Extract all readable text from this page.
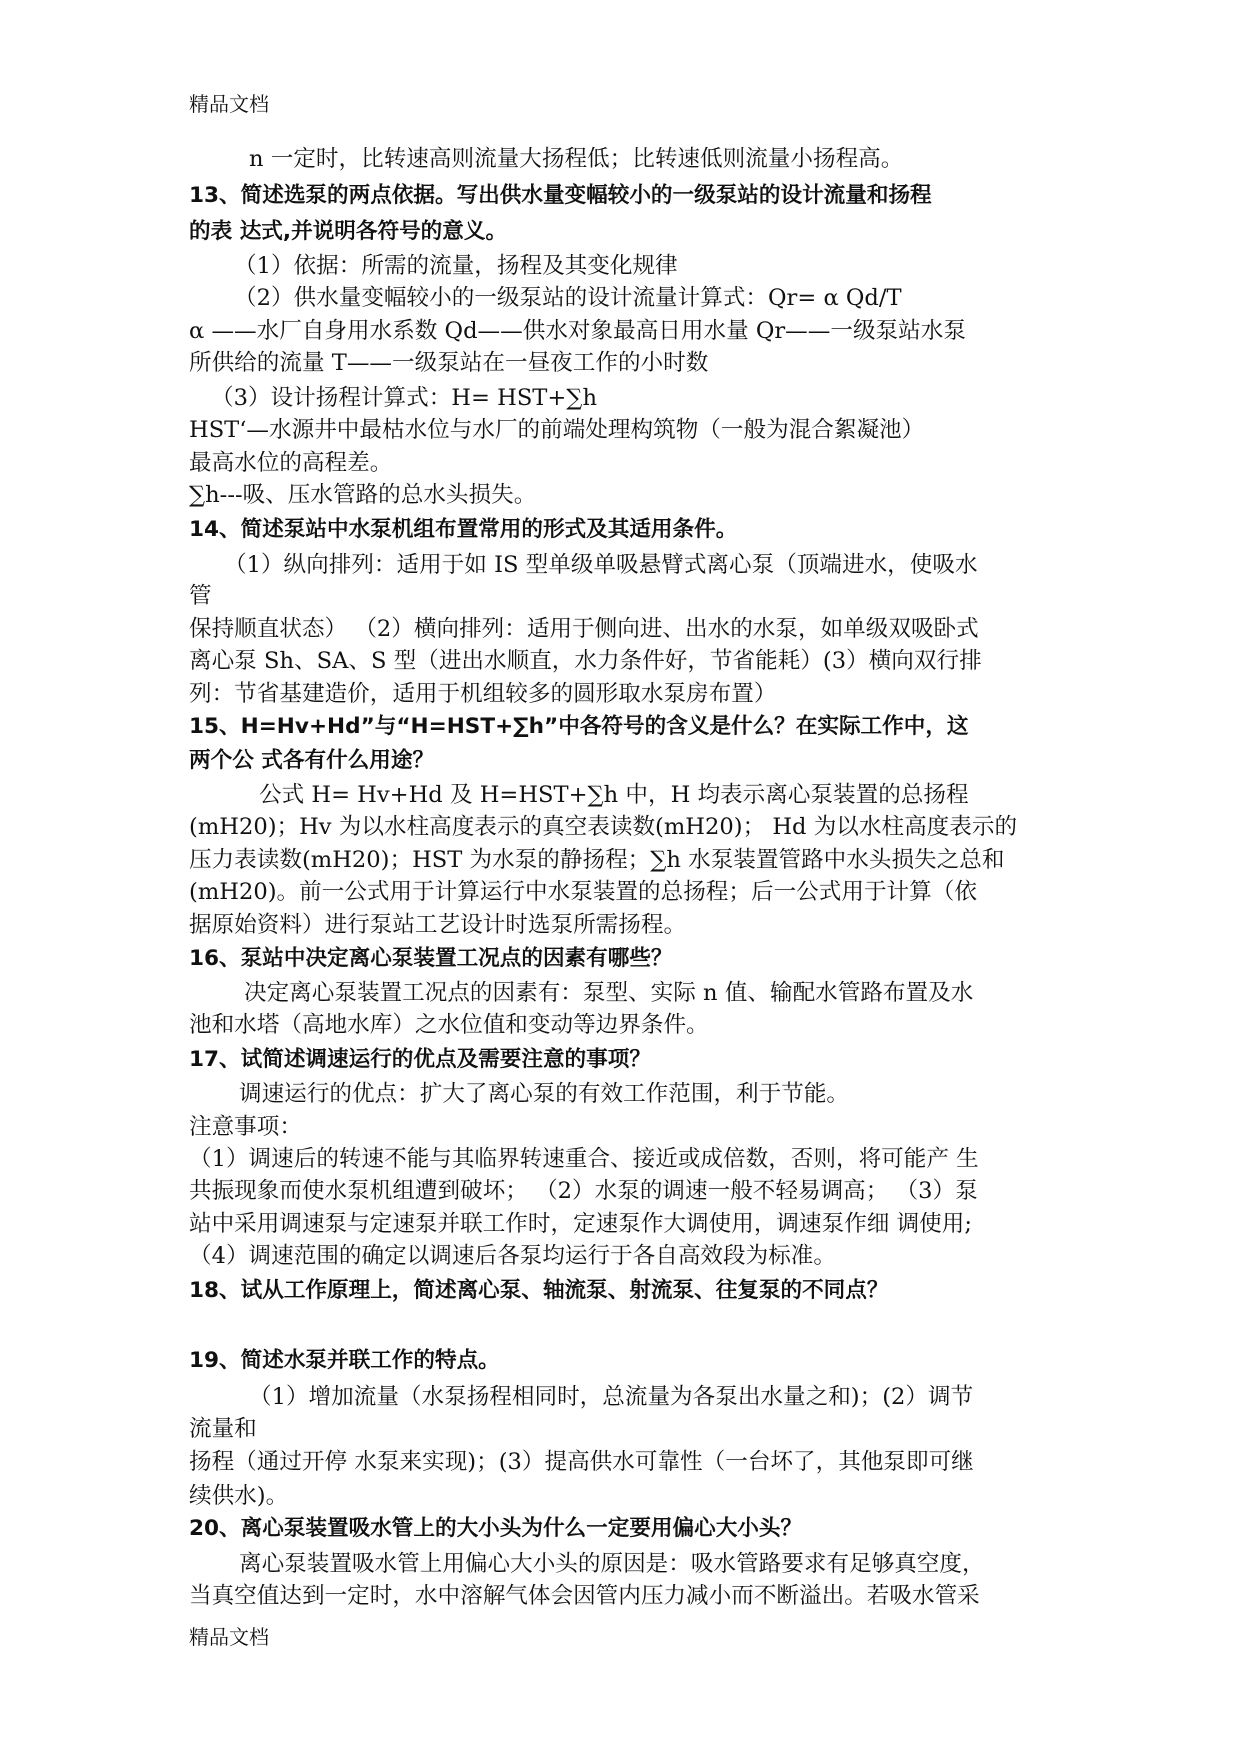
精品文档
n 一定时，比转速高则流量大扬程低；比转速低则流量小扬程高。
13、简述选泵的两点依据。写出供水量变幅较小的一级泵站的设计流量和扬程
的表 达式,并说明各符号的意义。
（1）依据：所需的流量，扬程及其变化规律
（2）供水量变幅较小的一级泵站的设计流量计算式：Qr= α Qd/T
α ——水厂自身用水系数 Qd——供水对象最高日用水量 Qr——一级泵站水泵
所供给的流量 T——一级泵站在一昼夜工作的小时数
（3）设计扬程计算式：H= HST+∑h
HST‘—水源井中最枯水位与水厂的前端处理构筑物（一般为混合絮凝池）
最高水位的高程差。
∑h---吸、压水管路的总水头损失。
14、简述泵站中水泵机组布置常用的形式及其适用条件。
（1）纵向排列：适用于如 IS 型单级单吸悬臂式离心泵（顶端进水，使吸水
管
保持顺直状态） （2）横向排列：适用于侧向进、出水的水泵，如单级双吸卧式
离心泵 Sh、SA、S 型（进出水顺直，水力条件好，节省能耗）(3）横向双行排
列：节省基建造价，适用于机组较多的圆形取水泵房布置）
15、H=Hv+Hd”与“H=HST+∑h”中各符号的含义是什么？在实际工作中，这
两个公 式各有什么用途？
公式 H= Hv+Hd 及 H=HST+∑h 中，H 均表示离心泵装置的总扬程
(mH20)；Hv 为以水柱高度表示的真空表读数(mH20)； Hd 为以水柱高度表示的
压力表读数(mH20)；HST 为水泵的静扬程；∑h 水泵装置管路中水头损失之总和
(mH20)。前一公式用于计算运行中水泵装置的总扬程；后一公式用于计算（依
据原始资料）进行泵站工艺设计时选泵所需扬程。
16、泵站中决定离心泵装置工况点的因素有哪些？
决定离心泵装置工况点的因素有：泵型、实际 n 值、输配水管路布置及水
池和水塔（高地水库）之水位值和变动等边界条件。
17、试简述调速运行的优点及需要注意的事项？
调速运行的优点：扩大了离心泵的有效工作范围，利于节能。
注意事项：
（1）调速后的转速不能与其临界转速重合、接近或成倍数，否则，将可能产 生
共振现象而使水泵机组遭到破坏； （2）水泵的调速一般不轻易调高； （3）泵
站中采用调速泵与定速泵并联工作时，定速泵作大调使用，调速泵作细 调使用;
（4）调速范围的确定以调速后各泵均运行于各自高效段为标准。
18、试从工作原理上，简述离心泵、轴流泵、射流泵、往复泵的不同点？
19、简述水泵并联工作的特点。
（1）增加流量（水泵扬程相同时，总流量为各泵出水量之和)；(2）调节
流量和
扬程（通过开停 水泵来实现)；(3）提高供水可靠性（一台坏了，其他泵即可继
续供水)。
20、离心泵装置吸水管上的大小头为什么一定要用偏心大小头？
离心泵装置吸水管上用偏心大小头的原因是：吸水管路要求有足够真空度，
当真空值达到一定时，水中溶解气体会因管内压力减小而不断溢出。若吸水管采
精品文档
